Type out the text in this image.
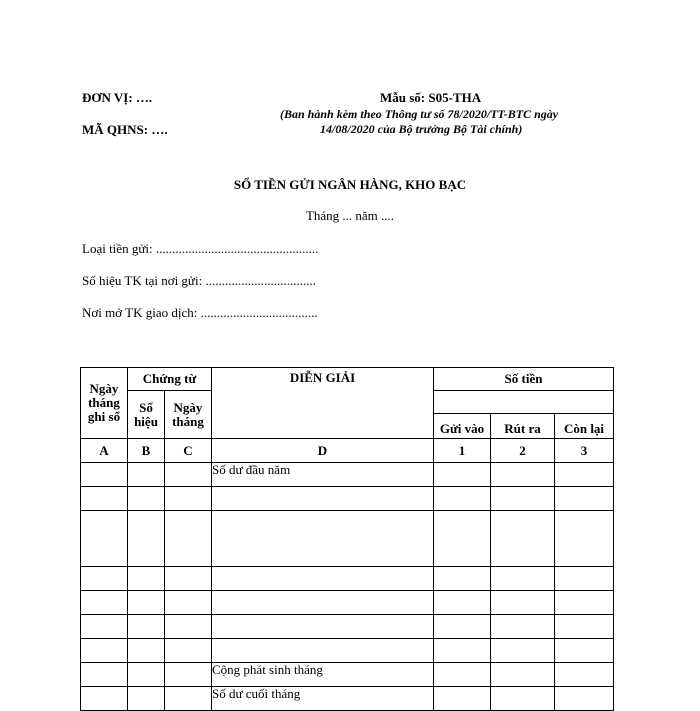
ĐƠN VỊ: ….
MÃ QHNS: ….
Mẫu số: S05-THA
(Ban hành kèm theo Thông tư số 78/2020/TT-BTC ngày
14/08/2020 của Bộ trưởng Bộ Tài chính)
SỔ TIỀN GỬI NGÂN HÀNG, KHO BẠC
Tháng ... năm ....
Loại tiền gửi: ..................................................
Số hiệu TK tại nơi gửi: ..................................
Nơi mở TK giao dịch: ....................................
Ngày tháng ghi sổ	Chứng từ		DIỄN GIẢI	Số tiền		
	Số hiệu	Ngày tháng				
				Gửi vào	Rút ra	Còn lại
A	B	C	D	1	2	3
			Số dư đầu năm			

			Cộng phát sinh tháng			
			Số dư cuối tháng			
